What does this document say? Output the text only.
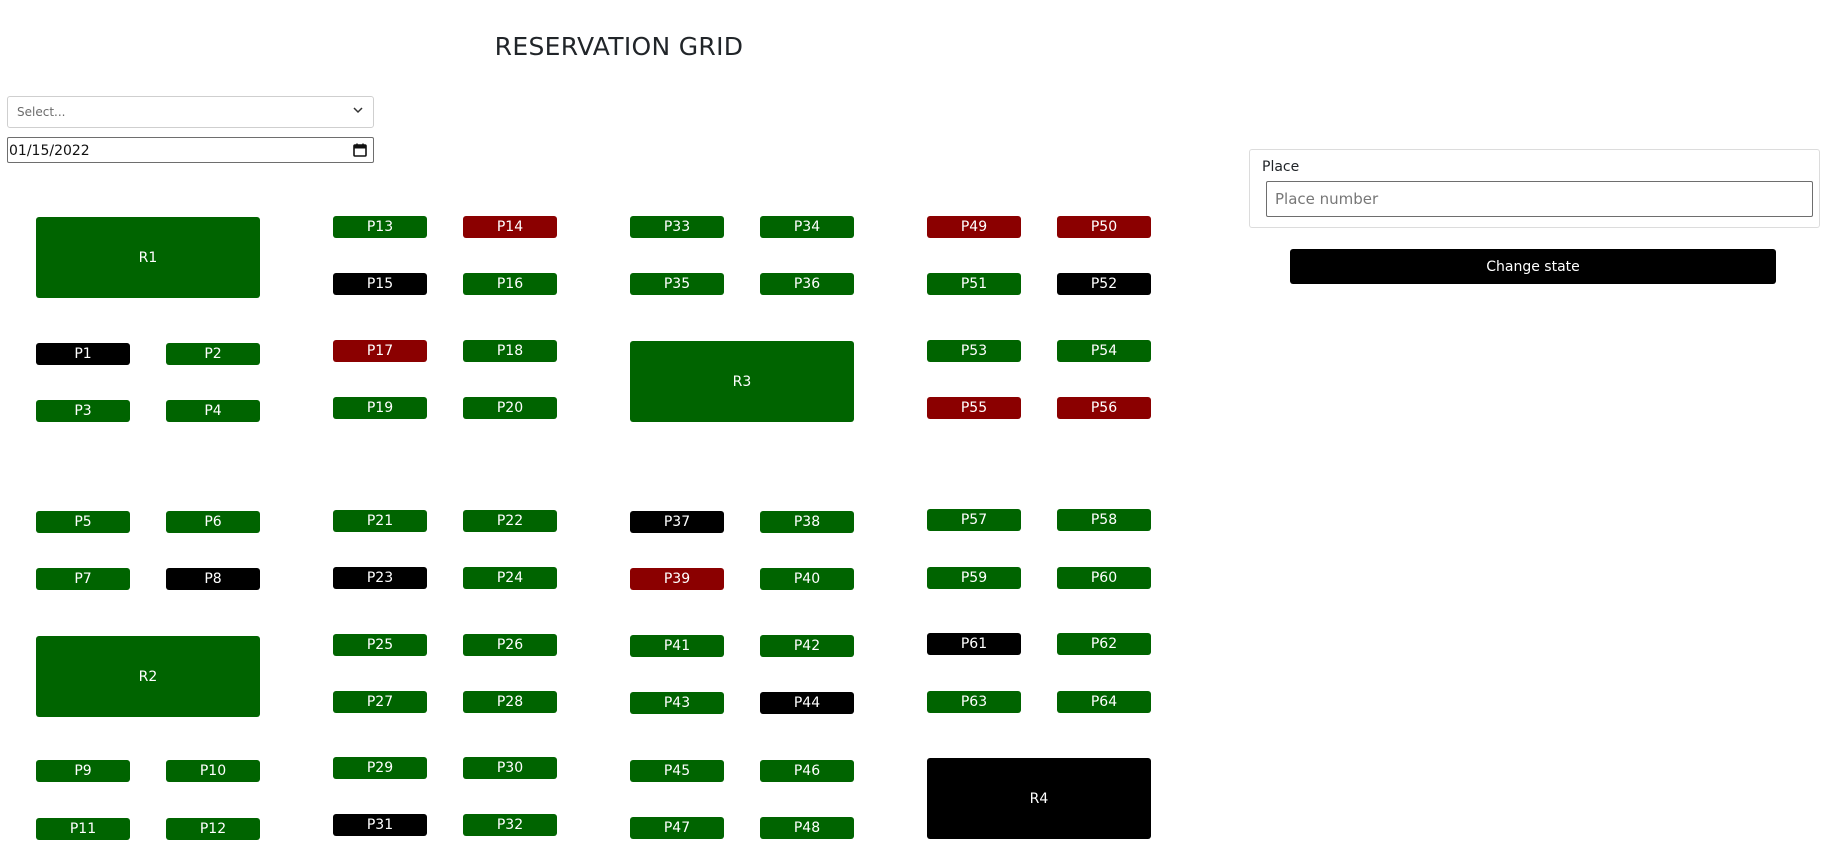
RESERVATION GRID
Select...
01/15/2022
P1	P2
P3	P4
P5	P6
P7	P8
P9	P10
P11	P12
P13	P14
P15	P16
P17	P18
P19	P20
P21	P22
P23	P24
P25	P26
P27	P28
P29	P30
P31	P32
P33	P34
P35	P36
P37	P38
P39	P40
P41	P42
P43	P44
P45	P46
P47	P48
P49	P50
P51	P52
P53	P54
P55	P56
P57	P58
P59	P60
P61	P62
P63	P64
R1
R2
R3
R4
Place
Place number
Change state
